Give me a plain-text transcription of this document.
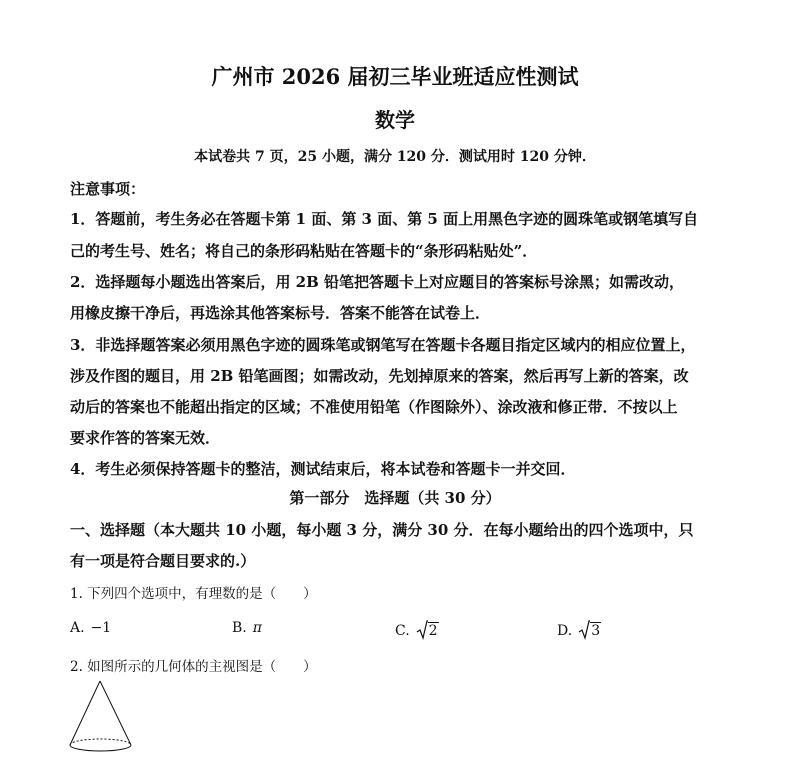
广州市 2026 届初三毕业班适应性测试
数学
本试卷共 7 页，25 小题，满分 120 分．测试用时 120 分钟．
注意事项：
1．答题前，考生务必在答题卡第 1 面、第 3 面、第 5 面上用黑色字迹的圆珠笔或钢笔填写自
己的考生号、姓名；将自己的条形码粘贴在答题卡的“条形码粘贴处”．
2．选择题每小题选出答案后，用 2B 铅笔把答题卡上对应题目的答案标号涂黑；如需改动，
用橡皮擦干净后，再选涂其他答案标号．答案不能答在试卷上．
3．非选择题答案必须用黑色字迹的圆珠笔或钢笔写在答题卡各题目指定区域内的相应位置上，
涉及作图的题目，用 2B 铅笔画图；如需改动，先划掉原来的答案，然后再写上新的答案，改
动后的答案也不能超出指定的区域；不准使用铅笔（作图除外）、涂改液和修正带．不按以上
要求作答的答案无效．
4．考生必须保持答题卡的整洁，测试结束后，将本试卷和答题卡一并交回．
第一部分　选择题（共 30 分）
一、选择题（本大题共 10 小题，每小题 3 分，满分 30 分．在每小题给出的四个选项中，只
有一项是符合题目要求的.）
1. 下列四个选项中，有理数的是（　　）
A. −1	B. π	C. 2	D. 3
2. 如图所示的几何体的主视图是（　　）
